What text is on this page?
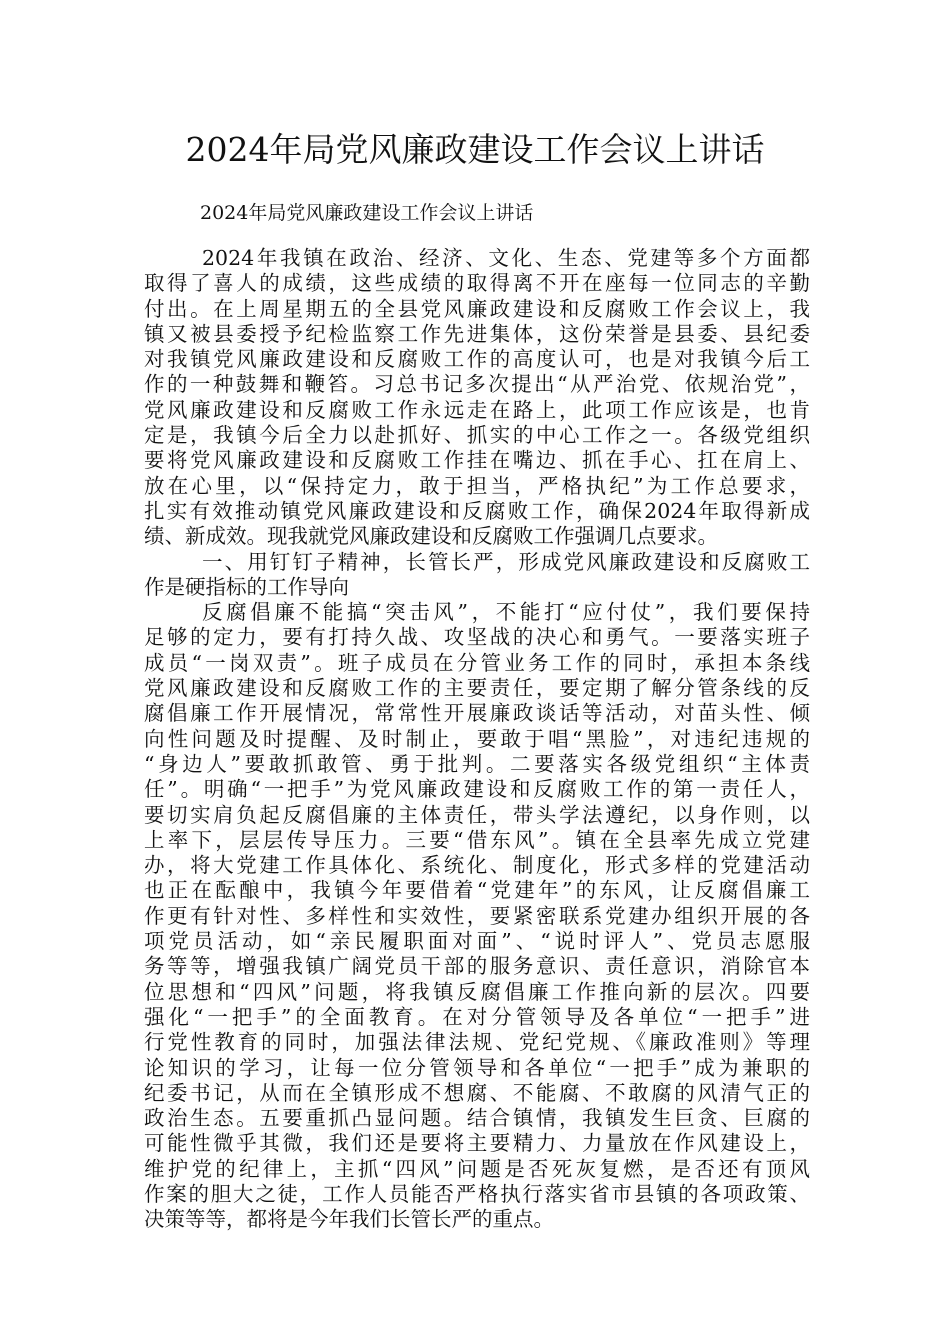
2024年局党风廉政建设工作会议上讲话

2024年局党风廉政建设工作会议上讲话

2024年我镇在政治、经济、文化、生态、党建等多个方面都
取得了喜人的成绩，这些成绩的取得离不开在座每一位同志的辛勤
付出。在上周星期五的全县党风廉政建设和反腐败工作会议上，我
镇又被县委授予纪检监察工作先进集体，这份荣誉是县委、县纪委
对我镇党风廉政建设和反腐败工作的高度认可，也是对我镇今后工
作的一种鼓舞和鞭笞。习总书记多次提出“从严治党、依规治党”，
党风廉政建设和反腐败工作永远走在路上，此项工作应该是，也肯
定是，我镇今后全力以赴抓好、抓实的中心工作之一。各级党组织
要将党风廉政建设和反腐败工作挂在嘴边、抓在手心、扛在肩上、
放在心里，以“保持定力，敢于担当，严格执纪”为工作总要求，
扎实有效推动镇党风廉政建设和反腐败工作，确保2024年取得新成
绩、新成效。现我就党风廉政建设和反腐败工作强调几点要求。
一、用钉钉子精神，长管长严，形成党风廉政建设和反腐败工
作是硬指标的工作导向
反腐倡廉不能搞“突击风”，不能打“应付仗”，我们要保持
足够的定力，要有打持久战、攻坚战的决心和勇气。一要落实班子
成员“一岗双责”。班子成员在分管业务工作的同时，承担本条线
党风廉政建设和反腐败工作的主要责任，要定期了解分管条线的反
腐倡廉工作开展情况，常常性开展廉政谈话等活动，对苗头性、倾
向性问题及时提醒、及时制止，要敢于唱“黑脸”，对违纪违规的
“身边人”要敢抓敢管、勇于批判。二要落实各级党组织“主体责
任”。明确“一把手”为党风廉政建设和反腐败工作的第一责任人，
要切实肩负起反腐倡廉的主体责任，带头学法遵纪，以身作则，以
上率下，层层传导压力。三要“借东风”。镇在全县率先成立党建
办，将大党建工作具体化、系统化、制度化，形式多样的党建活动
也正在酝酿中，我镇今年要借着“党建年”的东风，让反腐倡廉工
作更有针对性、多样性和实效性，要紧密联系党建办组织开展的各
项党员活动，如“亲民履职面对面”、“说时评人”、党员志愿服
务等等，增强我镇广阔党员干部的服务意识、责任意识，消除官本
位思想和“四风”问题，将我镇反腐倡廉工作推向新的层次。四要
强化“一把手”的全面教育。在对分管领导及各单位“一把手”进
行党性教育的同时，加强法律法规、党纪党规、《廉政准则》等理
论知识的学习，让每一位分管领导和各单位“一把手”成为兼职的
纪委书记，从而在全镇形成不想腐、不能腐、不敢腐的风清气正的
政治生态。五要重抓凸显问题。结合镇情，我镇发生巨贪、巨腐的
可能性微乎其微，我们还是要将主要精力、力量放在作风建设上，
维护党的纪律上，主抓“四风”问题是否死灰复燃，是否还有顶风
作案的胆大之徒，工作人员能否严格执行落实省市县镇的各项政策、
决策等等，都将是今年我们长管长严的重点。
